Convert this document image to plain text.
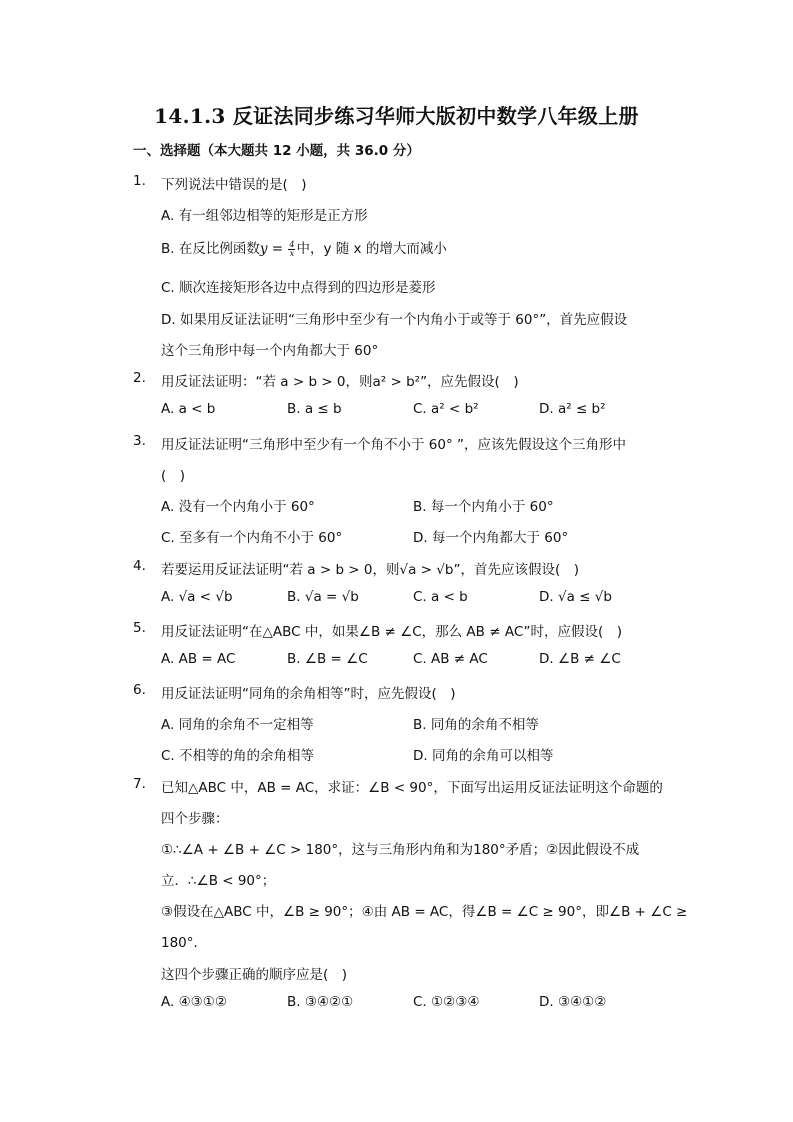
14.1.3 反证法同步练习华师大版初中数学八年级上册
一、选择题（本大题共 12 小题，共 36.0 分）
1. 下列说法中错误的是(　)
A. 有一组邻边相等的矩形是正方形
B. 在反比例函数$y = \frac{4}{x}$ 中，y 随 x 的增大而减小
C. 顺次连接矩形各边中点得到的四边形是菱形
D. 如果用反证法证明“三角形中至少有一个内角小于或等于 60°”，首先应假设
这个三角形中每一个内角都大于 60°
2. 用反证法证明：“若 a > b > 0，则a² > b²”，应先假设(　)
A. a < b	B. a ≤ b	C. a² < b²	D. a² ≤ b²
3. 用反证法证明“三角形中至少有一个角不小于 60° ”，应该先假设这个三角形中
(　)
A. 没有一个内角小于 60°	B. 每一个内角小于 60°
C. 至多有一个内角不小于 60°	D. 每一个内角都大于 60°
4. 若要运用反证法证明“若 a > b > 0，则√a > √b”，首先应该假设(　)
A. √a < √b	B. √a = √b	C. a < b	D. √a ≤ √b
5. 用反证法证明“在△ABC 中，如果∠B ≠ ∠C，那么 AB ≠ AC”时，应假设(　)
A. AB = AC	B. ∠B = ∠C	C. AB ≠ AC	D. ∠B ≠ ∠C
6. 用反证法证明“同角的余角相等”时，应先假设(　)
A. 同角的余角不一定相等	B. 同角的余角不相等
C. 不相等的角的余角相等	D. 同角的余角可以相等
7. 已知△ABC 中，AB = AC，求证：∠B < 90°，下面写出运用反证法证明这个命题的
四个步骤：
①∴∠A + ∠B + ∠C > 180°，这与三角形内角和为180°矛盾；②因此假设不成
立．∴∠B < 90°；
③假设在△ABC 中，∠B ≥ 90°；④由 AB = AC，得∠B = ∠C ≥ 90°，即∠B + ∠C ≥
180°．
这四个步骤正确的顺序应是(　)
A. ④③①②	B. ③④②①	C. ①②③④	D. ③④①②
